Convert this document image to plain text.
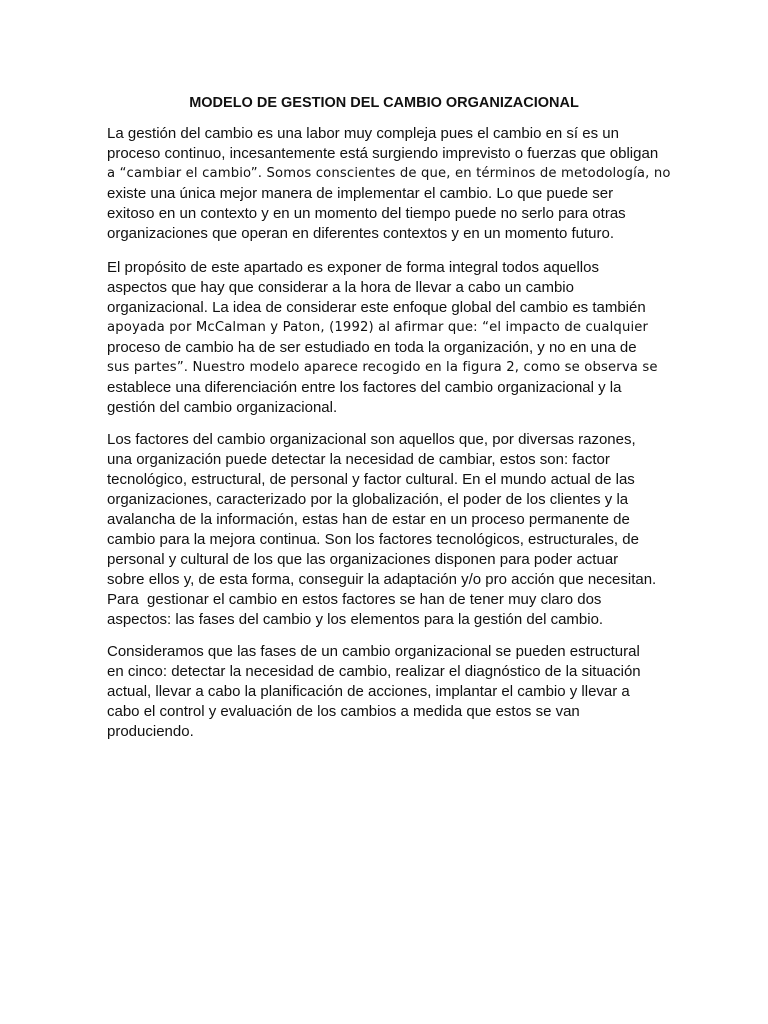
MODELO DE GESTION DEL CAMBIO ORGANIZACIONAL

La gestión del cambio es una labor muy compleja pues el cambio en sí es un
proceso continuo, incesantemente está surgiendo imprevisto o fuerzas que obligan
a “cambiar el cambio”. Somos conscientes de que, en términos de metodología, no
existe una única mejor manera de implementar el cambio. Lo que puede ser
exitoso en un contexto y en un momento del tiempo puede no serlo para otras
organizaciones que operan en diferentes contextos y en un momento futuro.

El propósito de este apartado es exponer de forma integral todos aquellos
aspectos que hay que considerar a la hora de llevar a cabo un cambio
organizacional. La idea de considerar este enfoque global del cambio es también
apoyada por McCalman y Paton, (1992) al afirmar que: “el impacto de cualquier
proceso de cambio ha de ser estudiado en toda la organización, y no en una de
sus partes”. Nuestro modelo aparece recogido en la figura 2, como se observa se
establece una diferenciación entre los factores del cambio organizacional y la
gestión del cambio organizacional.

Los factores del cambio organizacional son aquellos que, por diversas razones,
una organización puede detectar la necesidad de cambiar, estos son: factor
tecnológico, estructural, de personal y factor cultural. En el mundo actual de las
organizaciones, caracterizado por la globalización, el poder de los clientes y la
avalancha de la información, estas han de estar en un proceso permanente de
cambio para la mejora continua. Son los factores tecnológicos, estructurales, de
personal y cultural de los que las organizaciones disponen para poder actuar
sobre ellos y, de esta forma, conseguir la adaptación y/o pro acción que necesitan.
Para  gestionar el cambio en estos factores se han de tener muy claro dos
aspectos: las fases del cambio y los elementos para la gestión del cambio.

Consideramos que las fases de un cambio organizacional se pueden estructural
en cinco: detectar la necesidad de cambio, realizar el diagnóstico de la situación
actual, llevar a cabo la planificación de acciones, implantar el cambio y llevar a
cabo el control y evaluación de los cambios a medida que estos se van
produciendo.
